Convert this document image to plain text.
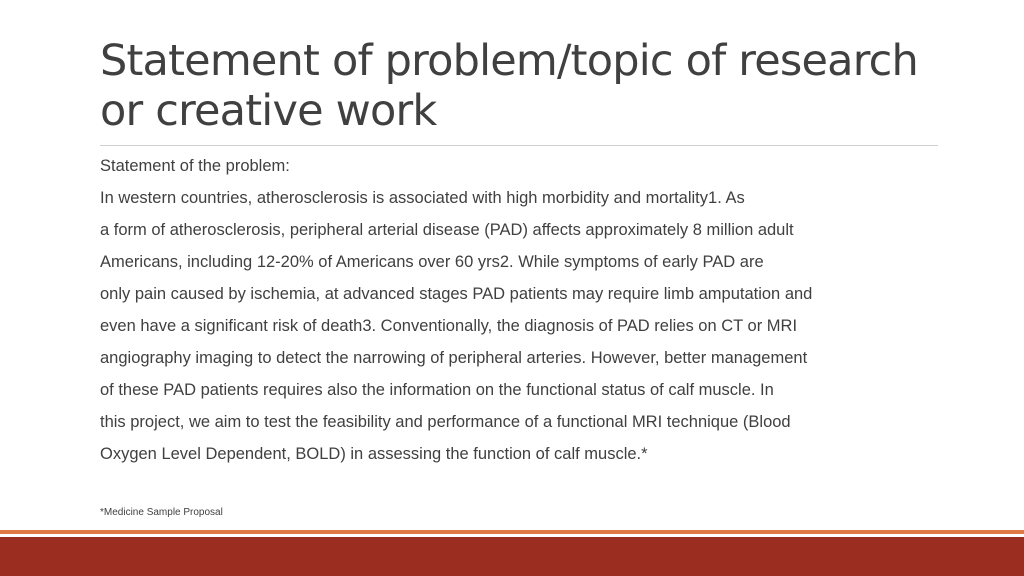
Statement of problem/topic of research or creative work
Statement of the problem:
In western countries, atherosclerosis is associated with high morbidity and mortality1. As
a form of atherosclerosis, peripheral arterial disease (PAD) affects approximately 8 million adult
Americans, including 12-20% of Americans over 60 yrs2. While symptoms of early PAD are
only pain caused by ischemia, at advanced stages PAD patients may require limb amputation and
even have a significant risk of death3. Conventionally, the diagnosis of PAD relies on CT or MRI
angiography imaging to detect the narrowing of peripheral arteries. However, better management
of these PAD patients requires also the information on the functional status of calf muscle. In
this project, we aim to test the feasibility and performance of a functional MRI technique (Blood
Oxygen Level Dependent, BOLD) in assessing the function of calf muscle.*
*Medicine Sample Proposal
